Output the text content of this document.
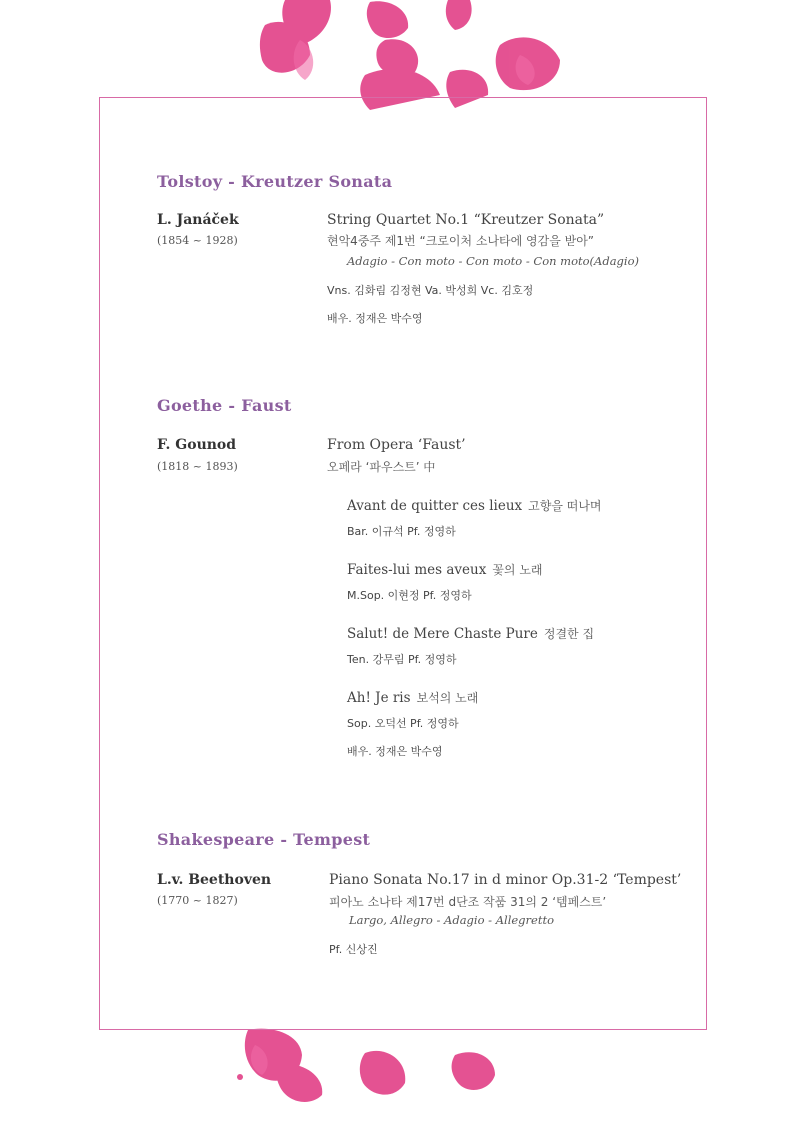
Tolstoy - Kreutzer Sonata
L. Janáček
(1854 ~ 1928)
String Quartet No.1 “Kreutzer Sonata”
현악4중주 제1번 “크로이처 소나타에 영감을 받아”
Adagio - Con moto - Con moto - Con moto(Adagio)
Vns. 김화림 김정현 Va. 박성희 Vc. 김호정
배우. 정재은 박수영
Goethe - Faust
F. Gounod
(1818 ~ 1893)
From Opera ‘Faust’
오페라 ‘파우스트’ 中
Avant de quitter ces lieux 고향을 떠나며
Bar. 이규석 Pf. 정영하
Faites-lui mes aveux 꽃의 노래
M.Sop. 이현정 Pf. 정영하
Salut! de Mere Chaste Pure 정결한 집
Ten. 강무림 Pf. 정영하
Ah! Je ris 보석의 노래
Sop. 오덕선 Pf. 정영하
배우. 정재은 박수영
Shakespeare - Tempest
L.v. Beethoven
(1770 ~ 1827)
Piano Sonata No.17 in d minor Op.31-2 ‘Tempest’
피아노 소나타 제17번 d단조 작품 31의 2 ‘템페스트’
Largo, Allegro - Adagio - Allegretto
Pf. 신상진
